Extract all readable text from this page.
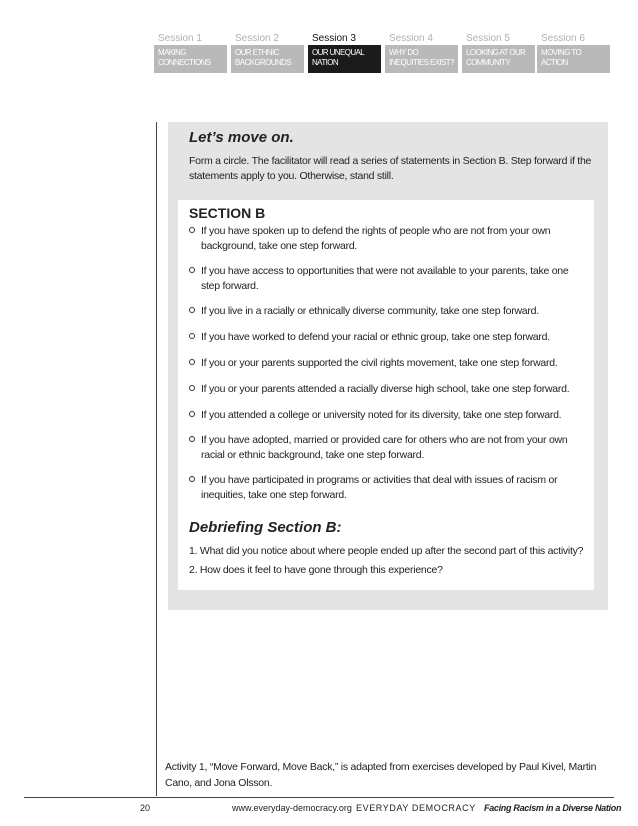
Session 1
MAKING CONNECTIONS
Session 2
OUR ETHNIC BACKGROUNDS
Session 3
OUR UNEQUAL NATION
Session 4
WHY DO INEQUITIES EXIST?
Session 5
LOOKING AT OUR COMMUNITY
Session 6
MOVING TO ACTION
Let’s move on.
Form a circle. The facilitator will read a series of statements in Section B. Step forward if the statements apply to you. Otherwise, stand still.
SECTION B
If you have spoken up to defend the rights of people who are not from your own background, take one step forward.
If you have access to opportunities that were not available to your parents, take one step forward.
If you live in a racially or ethnically diverse community, take one step forward.
If you have worked to defend your racial or ethnic group, take one step forward.
If you or your parents supported the civil rights movement, take one step forward.
If you or your parents attended a racially diverse high school, take one step forward.
If you attended a college or university noted for its diversity, take one step forward.
If you have adopted, married or provided care for others who are not from your own racial or ethnic background, take one step forward.
If you have participated in programs or activities that deal with issues of racism or inequities, take one step forward.
Debriefing Section B:
1. What did you notice about where people ended up after the second part of this activity?
2. How does it feel to have gone through this experience?
Activity 1, “Move Forward, Move Back,” is adapted from exercises developed by Paul Kivel, Martin Cano, and Jona Olsson.
20	www.everyday-democracy.org EVERYDAY DEMOCRACY Facing Racism in a Diverse Nation
